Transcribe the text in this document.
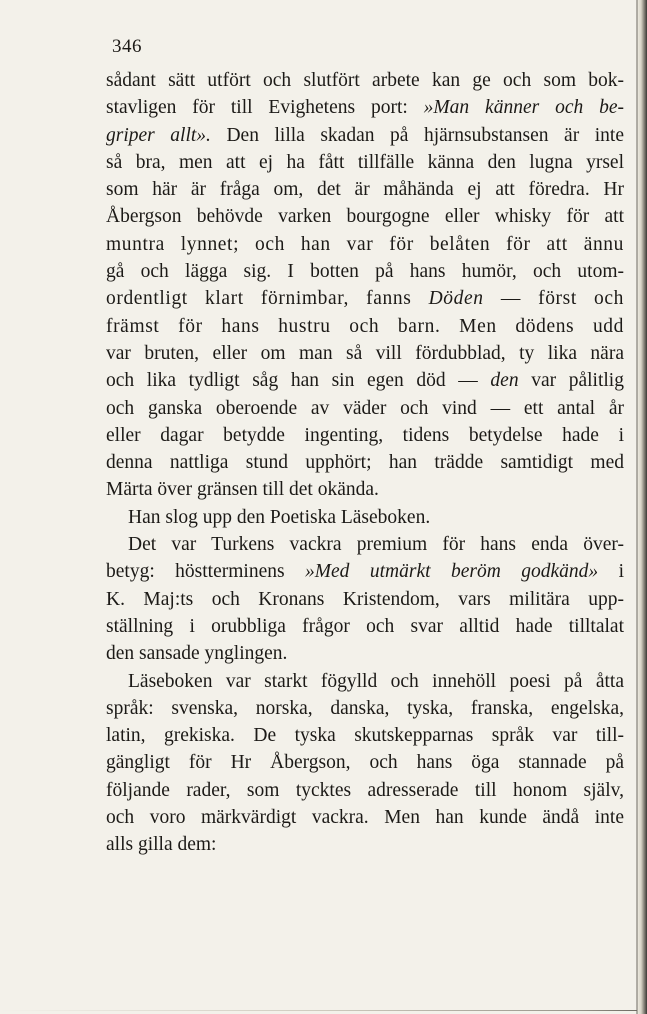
346
sådant sätt utfört och slutfört arbete kan ge och som bok-
stavligen för till Evighetens port: »Man känner och be-
griper allt». Den lilla skadan på hjärnsubstansen är inte
så bra, men att ej ha fått tillfälle känna den lugna yrsel
som här är fråga om, det är måhända ej att föredra. Hr
Åbergson behövde varken bourgogne eller whisky för att
muntra lynnet; och han var för belåten för att ännu
gå och lägga sig. I botten på hans humör, och utom-
ordentligt klart förnimbar, fanns Döden — först och
främst för hans hustru och barn. Men dödens udd
var bruten, eller om man så vill fördubblad, ty lika nära
och lika tydligt såg han sin egen död — den var pålitlig
och ganska oberoende av väder och vind — ett antal år
eller dagar betydde ingenting, tidens betydelse hade i
denna nattliga stund upphört; han trädde samtidigt med
Märta över gränsen till det okända.
Han slog upp den Poetiska Läseboken.
Det var Turkens vackra premium för hans enda över-
betyg: höstterminens »Med utmärkt beröm godkänd» i
K. Maj:ts och Kronans Kristendom, vars militära upp-
ställning i orubbliga frågor och svar alltid hade tilltalat
den sansade ynglingen.
Läseboken var starkt fögylld och innehöll poesi på åtta
språk: svenska, norska, danska, tyska, franska, engelska,
latin, grekiska. De tyska skutskepparnas språk var till-
gängligt för Hr Åbergson, och hans öga stannade på
följande rader, som tycktes adresserade till honom själv,
och voro märkvärdigt vackra. Men han kunde ändå inte
alls gilla dem:
